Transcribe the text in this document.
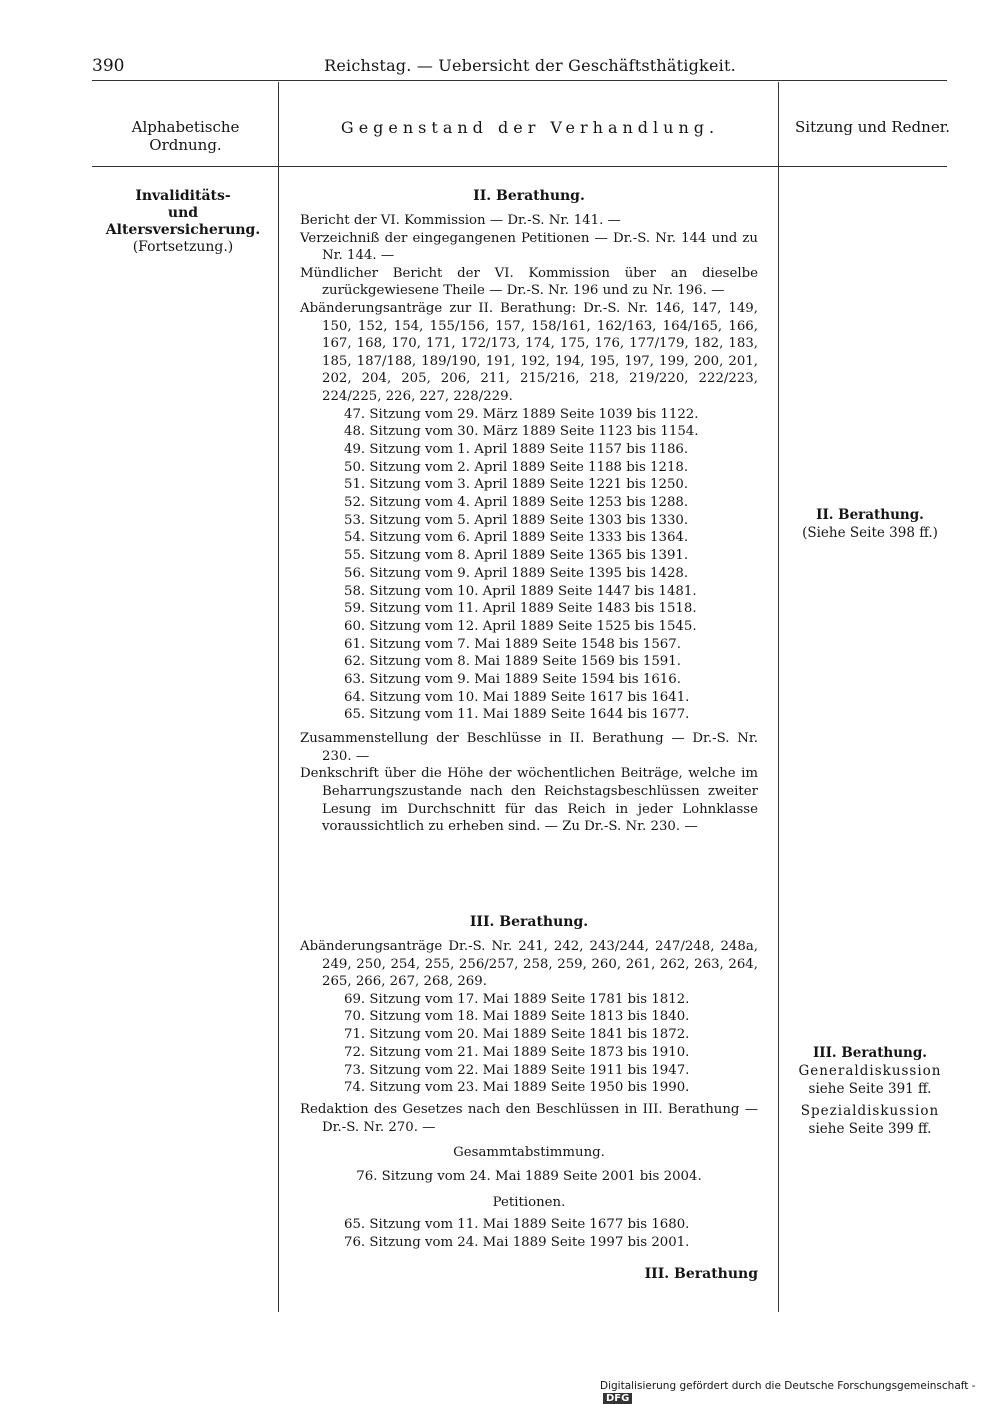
390	Reichstag. — Uebersicht der Geschäftsthätigkeit.
Alphabetische Ordnung.
Gegenstand der Verhandlung.	Sitzung und Redner.
Invaliditäts-
und
Altersversicherung.
(Fortsetzung.)
II. Berathung.

Bericht der VI. Kommission — Dr.-S. Nr. 141. —

Verzeichniß der eingegangenen Petitionen — Dr.-S. Nr. 144 und zu Nr. 144. —

Mündlicher Bericht der VI. Kommission über an dieselbe zurückgewiesene Theile — Dr.-S. Nr. 196 und zu Nr. 196. —

Abänderungsanträge zur II. Berathung: Dr.-S. Nr. 146, 147, 149, 150, 152, 154, 155/156, 157, 158/161, 162/163, 164/165, 166, 167, 168, 170, 171, 172/173, 174, 175, 176, 177/179, 182, 183, 185, 187/188, 189/190, 191, 192, 194, 195, 197, 199, 200, 201, 202, 204, 205, 206, 211, 215/216, 218, 219/220, 222/223, 224/225, 226, 227, 228/229.

47. Sitzung vom 29. März 1889 Seite 1039 bis 1122.

48. Sitzung vom 30. März 1889 Seite 1123 bis 1154.

49. Sitzung vom 1. April 1889 Seite 1157 bis 1186.

50. Sitzung vom 2. April 1889 Seite 1188 bis 1218.

51. Sitzung vom 3. April 1889 Seite 1221 bis 1250.

52. Sitzung vom 4. April 1889 Seite 1253 bis 1288.

53. Sitzung vom 5. April 1889 Seite 1303 bis 1330.

54. Sitzung vom 6. April 1889 Seite 1333 bis 1364.

55. Sitzung vom 8. April 1889 Seite 1365 bis 1391.

56. Sitzung vom 9. April 1889 Seite 1395 bis 1428.

58. Sitzung vom 10. April 1889 Seite 1447 bis 1481.

59. Sitzung vom 11. April 1889 Seite 1483 bis 1518.

60. Sitzung vom 12. April 1889 Seite 1525 bis 1545.

61. Sitzung vom 7. Mai 1889 Seite 1548 bis 1567.

62. Sitzung vom 8. Mai 1889 Seite 1569 bis 1591.

63. Sitzung vom 9. Mai 1889 Seite 1594 bis 1616.

64. Sitzung vom 10. Mai 1889 Seite 1617 bis 1641.

65. Sitzung vom 11. Mai 1889 Seite 1644 bis 1677.

Zusammenstellung der Beschlüsse in II. Berathung — Dr.-S. Nr. 230. —

Denkschrift über die Höhe der wöchentlichen Beiträge, welche im Beharrungszustande nach den Reichstagsbeschlüssen zweiter Lesung im Durchschnitt für das Reich in jeder Lohnklasse voraussichtlich zu erheben sind. — Zu Dr.-S. Nr. 230. —

III. Berathung.

Abänderungsanträge Dr.-S. Nr. 241, 242, 243/244, 247/248, 248a, 249, 250, 254, 255, 256/257, 258, 259, 260, 261, 262, 263, 264, 265, 266, 267, 268, 269.

69. Sitzung vom 17. Mai 1889 Seite 1781 bis 1812.

70. Sitzung vom 18. Mai 1889 Seite 1813 bis 1840.

71. Sitzung vom 20. Mai 1889 Seite 1841 bis 1872.

72. Sitzung vom 21. Mai 1889 Seite 1873 bis 1910.

73. Sitzung vom 22. Mai 1889 Seite 1911 bis 1947.

74. Sitzung vom 23. Mai 1889 Seite 1950 bis 1990.

Redaktion des Gesetzes nach den Beschlüssen in III. Berathung — Dr.-S. Nr. 270. —

Gesammtabstimmung.
76. Sitzung vom 24. Mai 1889 Seite 2001 bis 2004.
Petitionen.

65. Sitzung vom 11. Mai 1889 Seite 1677 bis 1680.

76. Sitzung vom 24. Mai 1889 Seite 1997 bis 2001.

III. Berathung
II. Berathung.
(Siehe Seite 398 ff.)
III. Berathung.
Generaldiskussion
siehe Seite 391 ff.
Spezialdiskussion
siehe Seite 399 ff.
Digitalisierung gefördert durch die Deutsche Forschungsgemeinschaft -DFG
